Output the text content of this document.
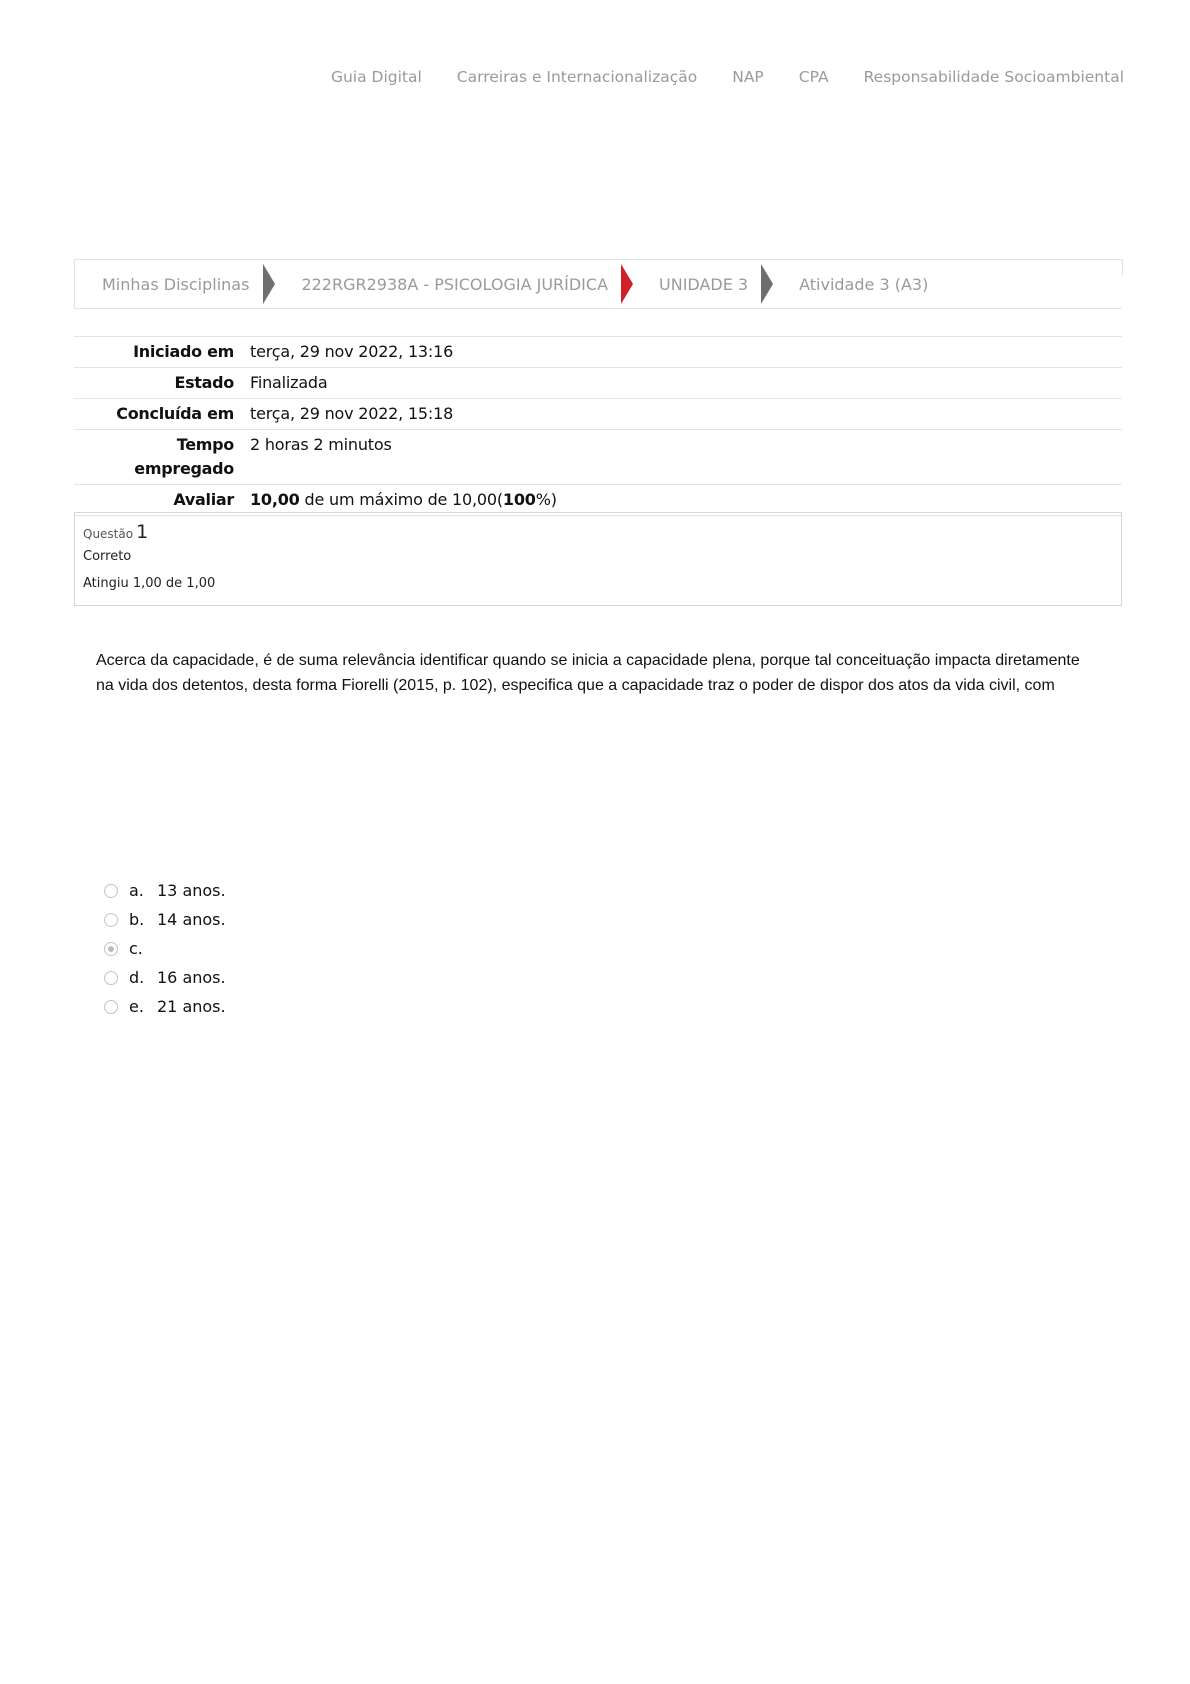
Guia Digital Carreiras e Internacionalização NAP CPA Responsabilidade Socioambiental
Minhas Disciplinas	222RGR2938A - PSICOLOGIA JURÍDICA	UNIDADE 3	Atividade 3 (A3)
Iniciado em	terça, 29 nov 2022, 13:16
Estado	Finalizada
Concluída em	terça, 29 nov 2022, 15:18
Tempo empregado	2 horas 2 minutos
Avaliar	10,00 de um máximo de 10,00(100%)
Questão 1
Correto
Atingiu 1,00 de 1,00
Acerca da capacidade, é de suma relevância identificar quando se inicia a capacidade plena, porque tal conceituação impacta diretamente na vida dos detentos, desta forma Fiorelli (2015, p. 102), especifica que a capacidade traz o poder de dispor dos atos da vida civil, com
a. 13 anos.
b. 14 anos.
c.
d. 16 anos.
e. 21 anos.
